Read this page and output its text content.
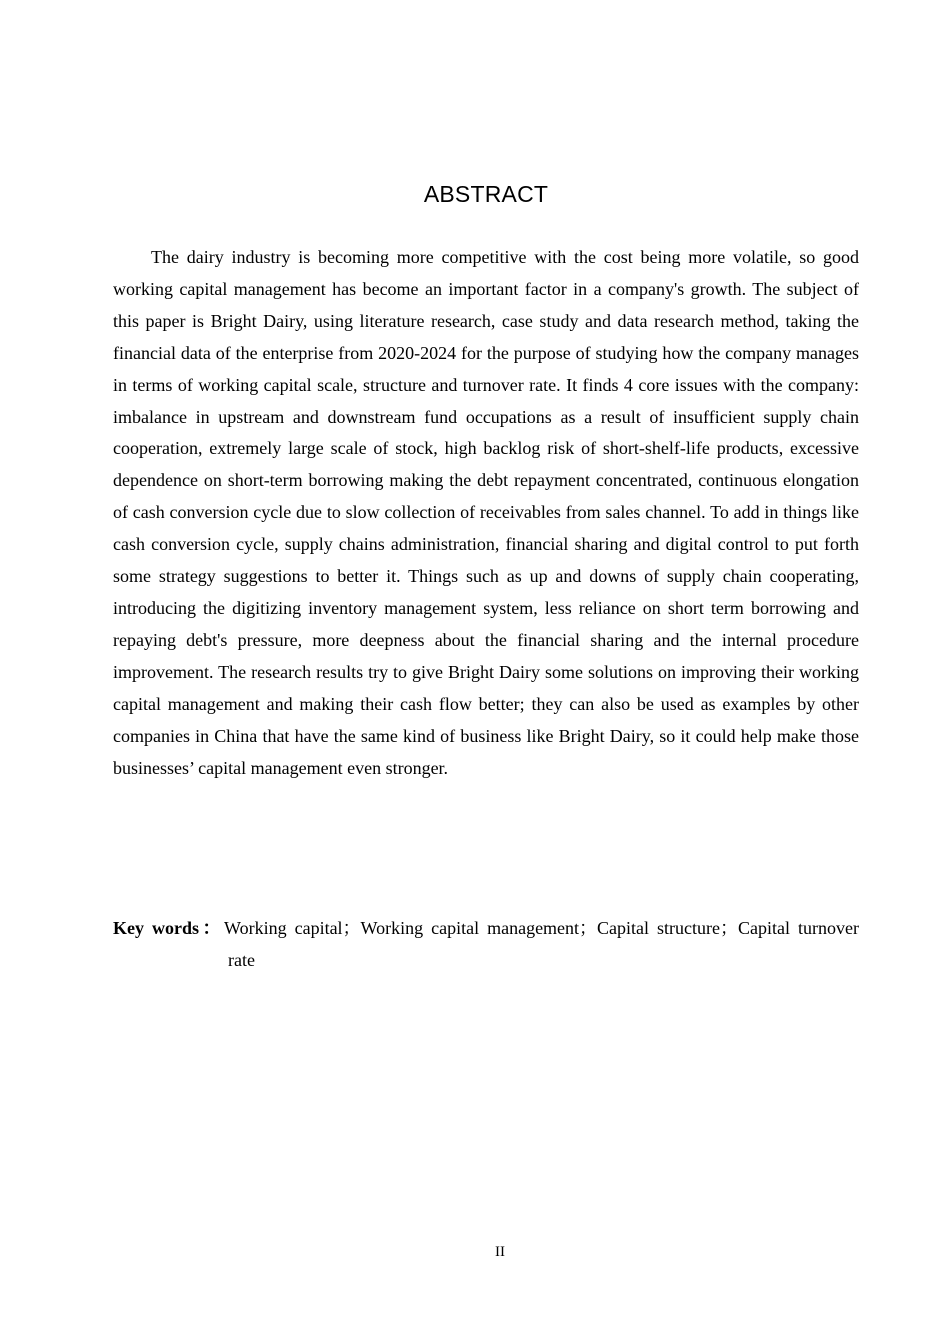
ABSTRACT

The dairy industry is becoming more competitive with the cost being more volatile, so good working capital management has become an important factor in a company's growth. The subject of this paper is Bright Dairy, using literature research, case study and data research method, taking the financial data of the enterprise from 2020-2024 for the purpose of studying how the company manages in terms of working capital scale, structure and turnover rate. It finds 4 core issues with the company: imbalance in upstream and downstream fund occupations as a result of insufficient supply chain cooperation, extremely large scale of stock, high backlog risk of short-shelf-life products, excessive dependence on short-term borrowing making the debt repayment concentrated, continuous elongation of cash conversion cycle due to slow collection of receivables from sales channel. To add in things like cash conversion cycle, supply chains administration, financial sharing and digital control to put forth some strategy suggestions to better it. Things such as up and downs of supply chain cooperating, introducing the digitizing inventory management system, less reliance on short term borrowing and repaying debt's pressure, more deepness about the financial sharing and the internal procedure improvement. The research results try to give Bright Dairy some solutions on improving their working capital management and making their cash flow better; they can also be used as examples by other companies in China that have the same kind of business like Bright Dairy, so it could help make those businesses’ capital management even stronger.

Key words：Working capital；Working capital management；Capital structure；Capital turnover rate

II
